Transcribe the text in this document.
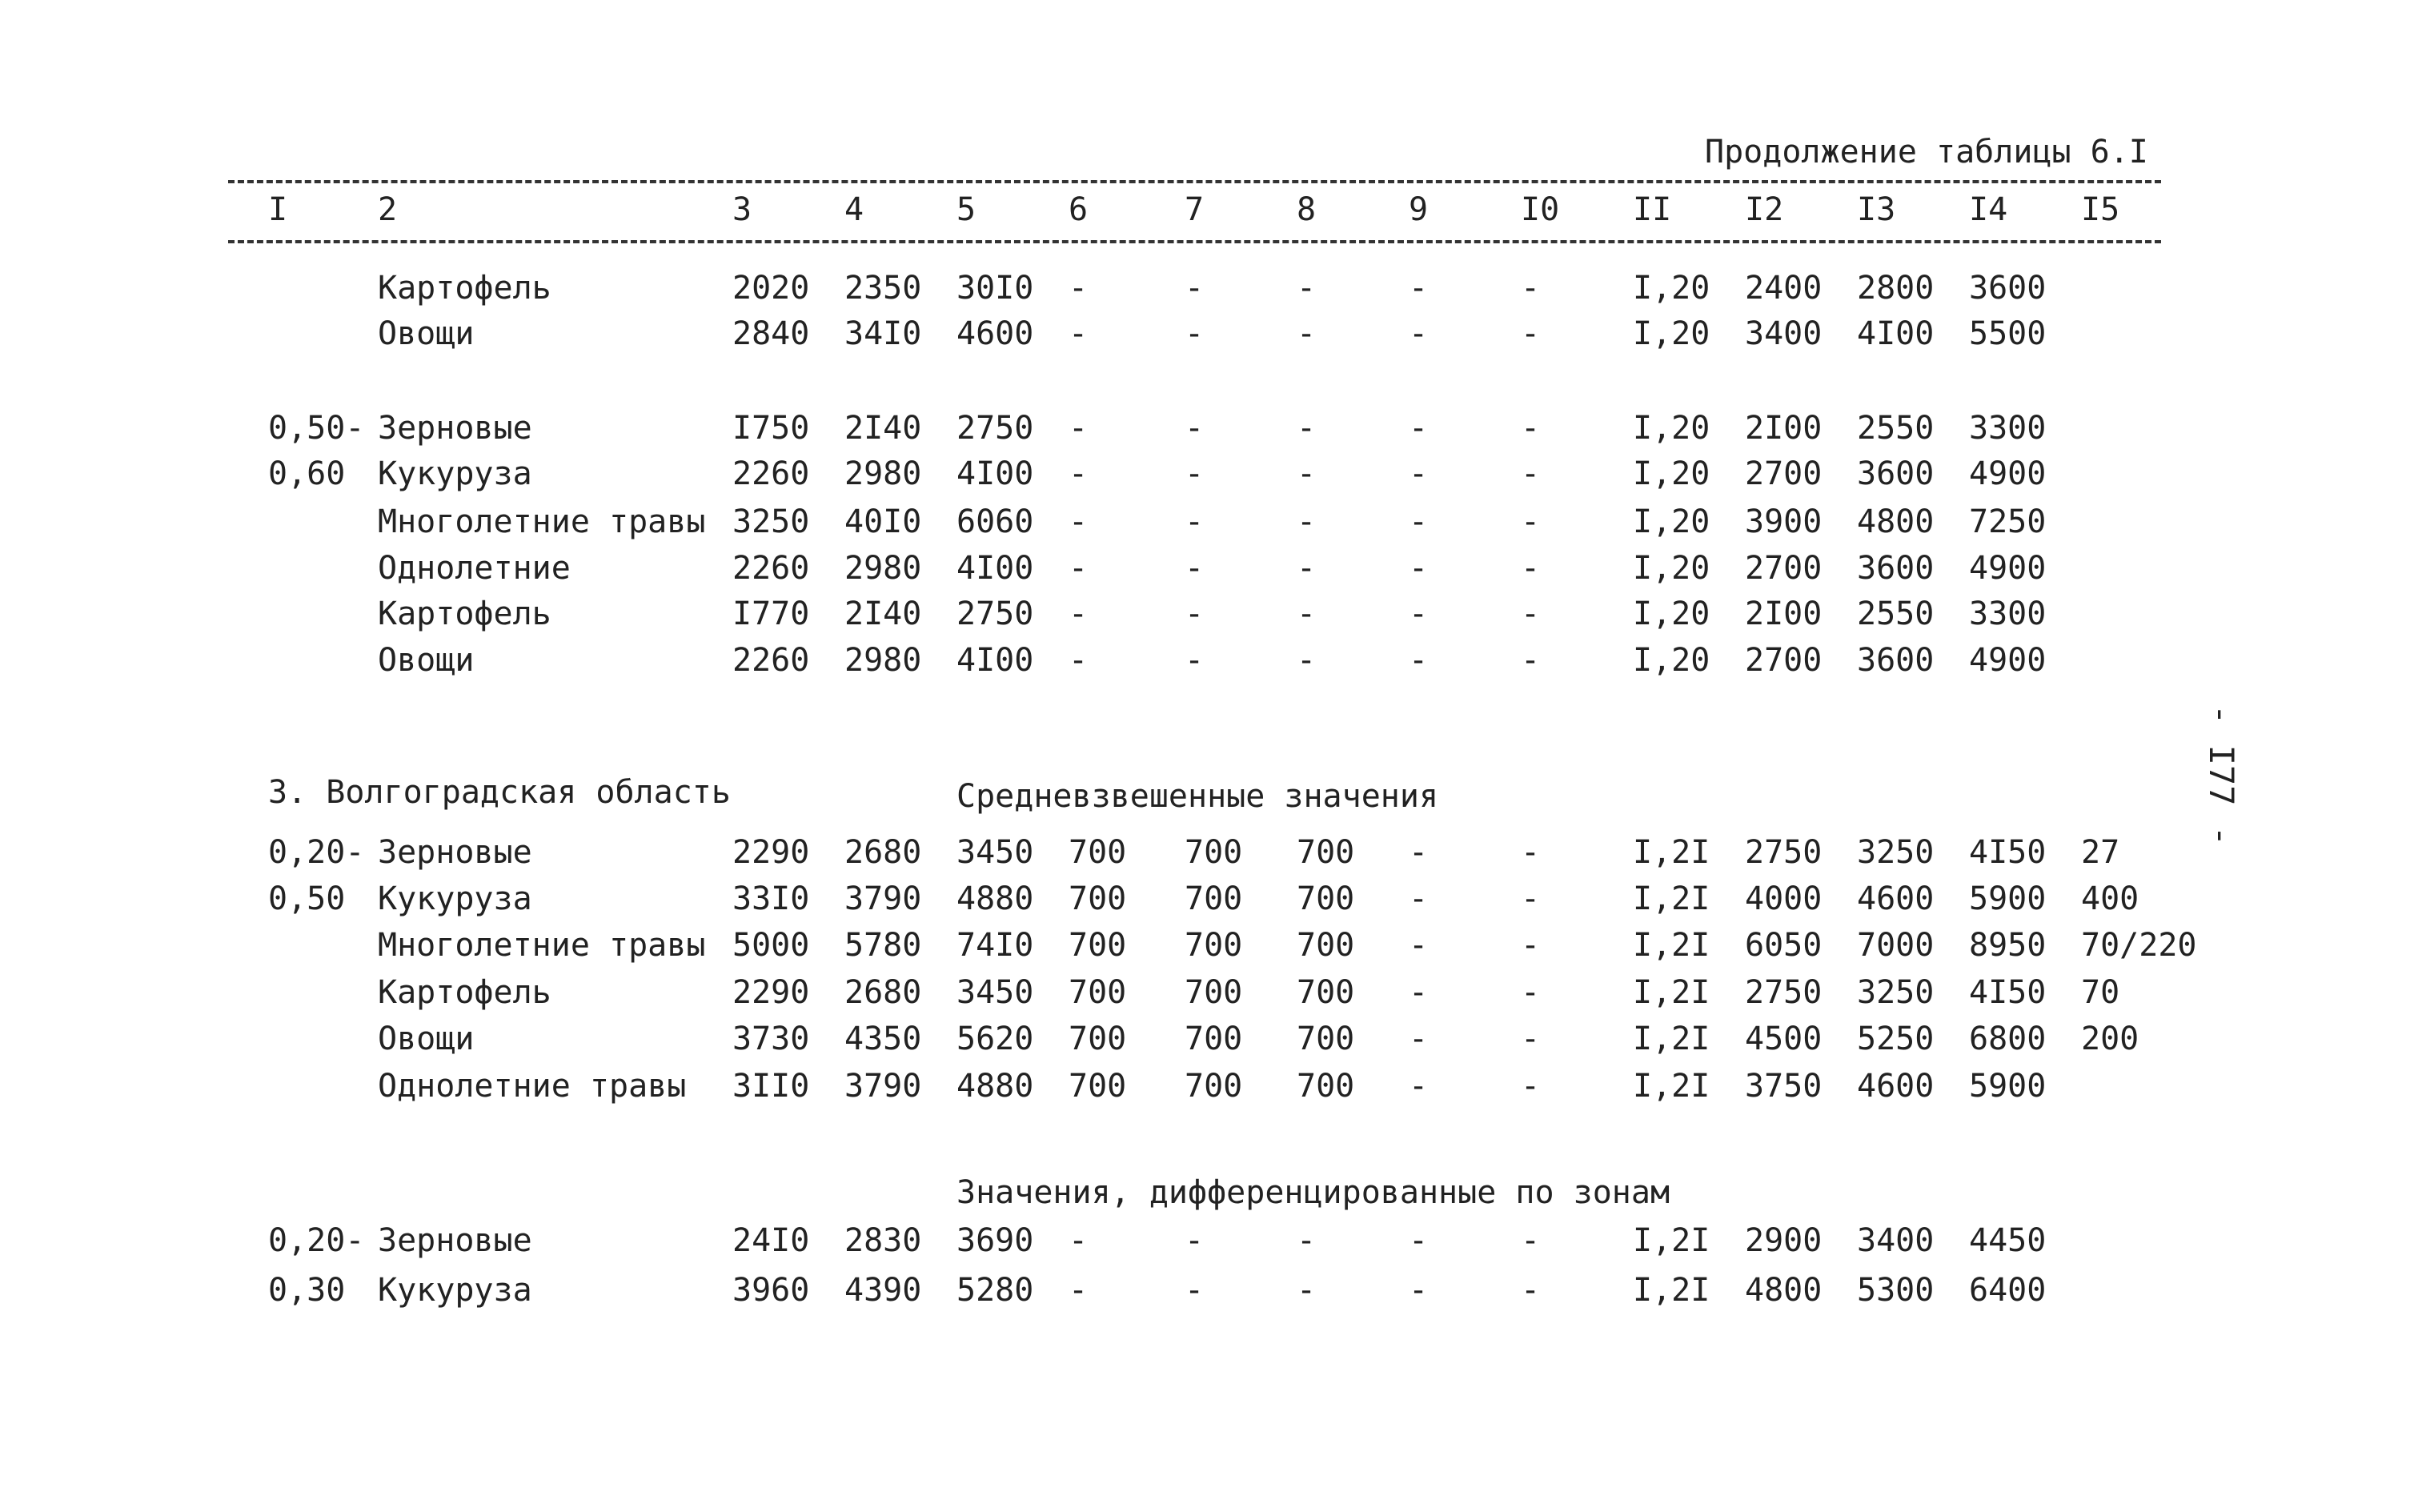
Продолжение таблицы 6.I
I	2	3	4	5	6	7	8	9	I0 II I2 I3 I4 I5
Картофель	2020 2350 30I0 -	-	-	-	-	I,20 2400 2800 3600
Овощи	2840 34I0 4600 -	-	-	-	-	I,20 3400 4I00 5500
0,50- Зерновые	I750 2I40 2750 -	-	-	-	-	I,20 2I00 2550 3300
0,60 Кукуруза	2260 2980 4I00 -	-	-	-	-	I,20 2700 3600 4900
Многолетние травы 3250 40I0 6060 -	-	-	-	-	I,20 3900 4800 7250
Однолетние	2260 2980 4I00 -	-	-	-	-	I,20 2700 3600 4900
Картофель	I770 2I40 2750 -	-	-	-	-	I,20 2I00 2550 3300
Овощи	2260 2980 4I00 -	-	-	-	-	I,20 2700 3600 4900
3. Волгоградская область	Средневзвешенные значения
0,20- Зерновые	2290 2680 3450 700 700 700 -	-	I,2I 2750 3250 4I50 27
0,50 Кукуруза	33I0 3790 4880 700 700 700 -	-	I,2I 4000 4600 5900 400
Многолетние травы 5000 5780 74I0 700 700 700 -	-	I,2I 6050 7000 8950 70/220
Картофель	2290 2680 3450 700 700 700 -	-	I,2I 2750 3250 4I50 70
Овощи	3730 4350 5620 700 700 700 -	-	I,2I 4500 5250 6800 200
Однолетние травы 3II0 3790 4880 700 700 700 -	-	I,2I 3750 4600 5900
Значения, дифференцированные по зонам
0,20- Зерновые	24I0 2830 3690 -	-	-	-	-	I,2I 2900 3400 4450
0,30 Кукуруза	3960 4390 5280 -	-	-	-	-	I,2I 4800 5300 6400
- I77 -
